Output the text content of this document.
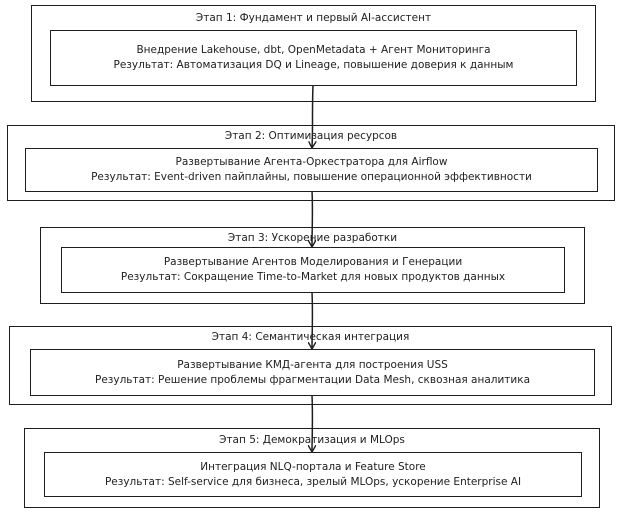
Этап 1: Фундамент и первый AI-ассистент
Внедрение Lakehouse, dbt, OpenMetadata + Агент Мониторинга
Результат: Автоматизация DQ и Lineage, повышение доверия к данным
Этап 2: Оптимизация ресурсов
Развертывание Агента-Оркестратора для Airflow
Результат: Event-driven пайплайны, повышение операционной эффективности
Этап 3: Ускорение разработки
Развертывание Агентов Моделирования и Генерации
Результат: Сокращение Time-to-Market для новых продуктов данных
Этап 4: Семантическая интеграция
Развертывание КМД-агента для построения USS
Результат: Решение проблемы фрагментации Data Mesh, сквозная аналитика
Этап 5: Демократизация и MLOps
Интеграция NLQ-портала и Feature Store
Результат: Self-service для бизнеса, зрелый MLOps, ускорение Enterprise AI
